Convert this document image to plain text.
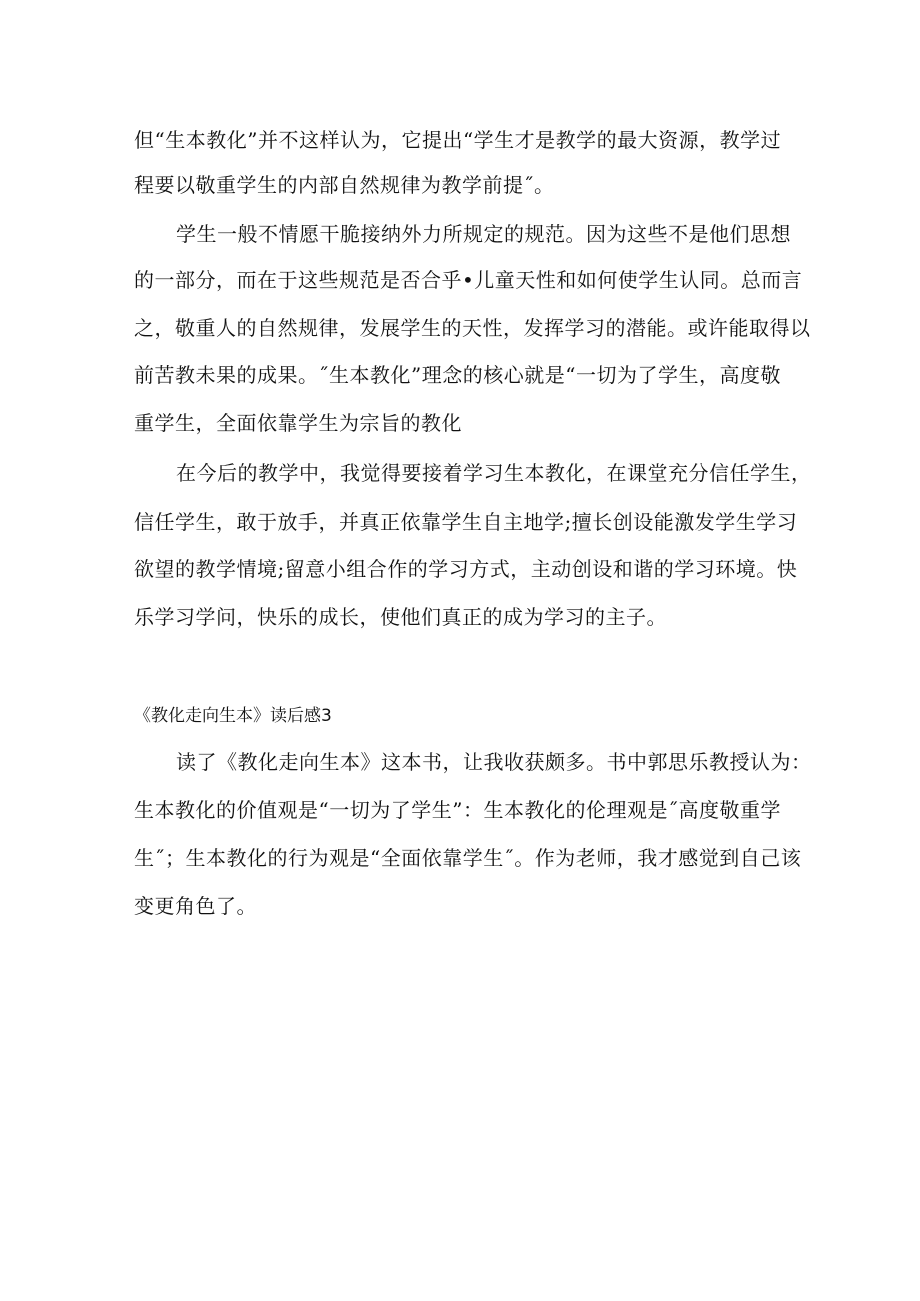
但“生本教化”并不这样认为，它提出“学生才是教学的最大资源，教学过

程要以敬重学生的内部自然规律为教学前提˝。

学生一般不情愿干脆接纳外力所规定的规范。因为这些不是他们思想

的一部分，而在于这些规范是否合乎•儿童天性和如何使学生认同。总而言

之，敬重人的自然规律，发展学生的天性，发挥学习的潜能。或许能取得以

前苦教未果的成果。˝生本教化”理念的核心就是“一切为了学生，高度敬

重学生，全面依靠学生为宗旨的教化

在今后的教学中，我觉得要接着学习生本教化，在课堂充分信任学生，

信任学生，敢于放手，并真正依靠学生自主地学;擅长创设能激发学生学习

欲望的教学情境;留意小组合作的学习方式，主动创设和谐的学习环境。快

乐学习学问，快乐的成长，使他们真正的成为学习的主子。

《教化走向生本》读后感3

读了《教化走向生本》这本书，让我收获颇多。书中郭思乐教授认为：

生本教化的价值观是“一切为了学生”：生本教化的伦理观是˝高度敬重学

生˝；生本教化的行为观是“全面依靠学生˝。作为老师，我才感觉到自己该

变更角色了。
